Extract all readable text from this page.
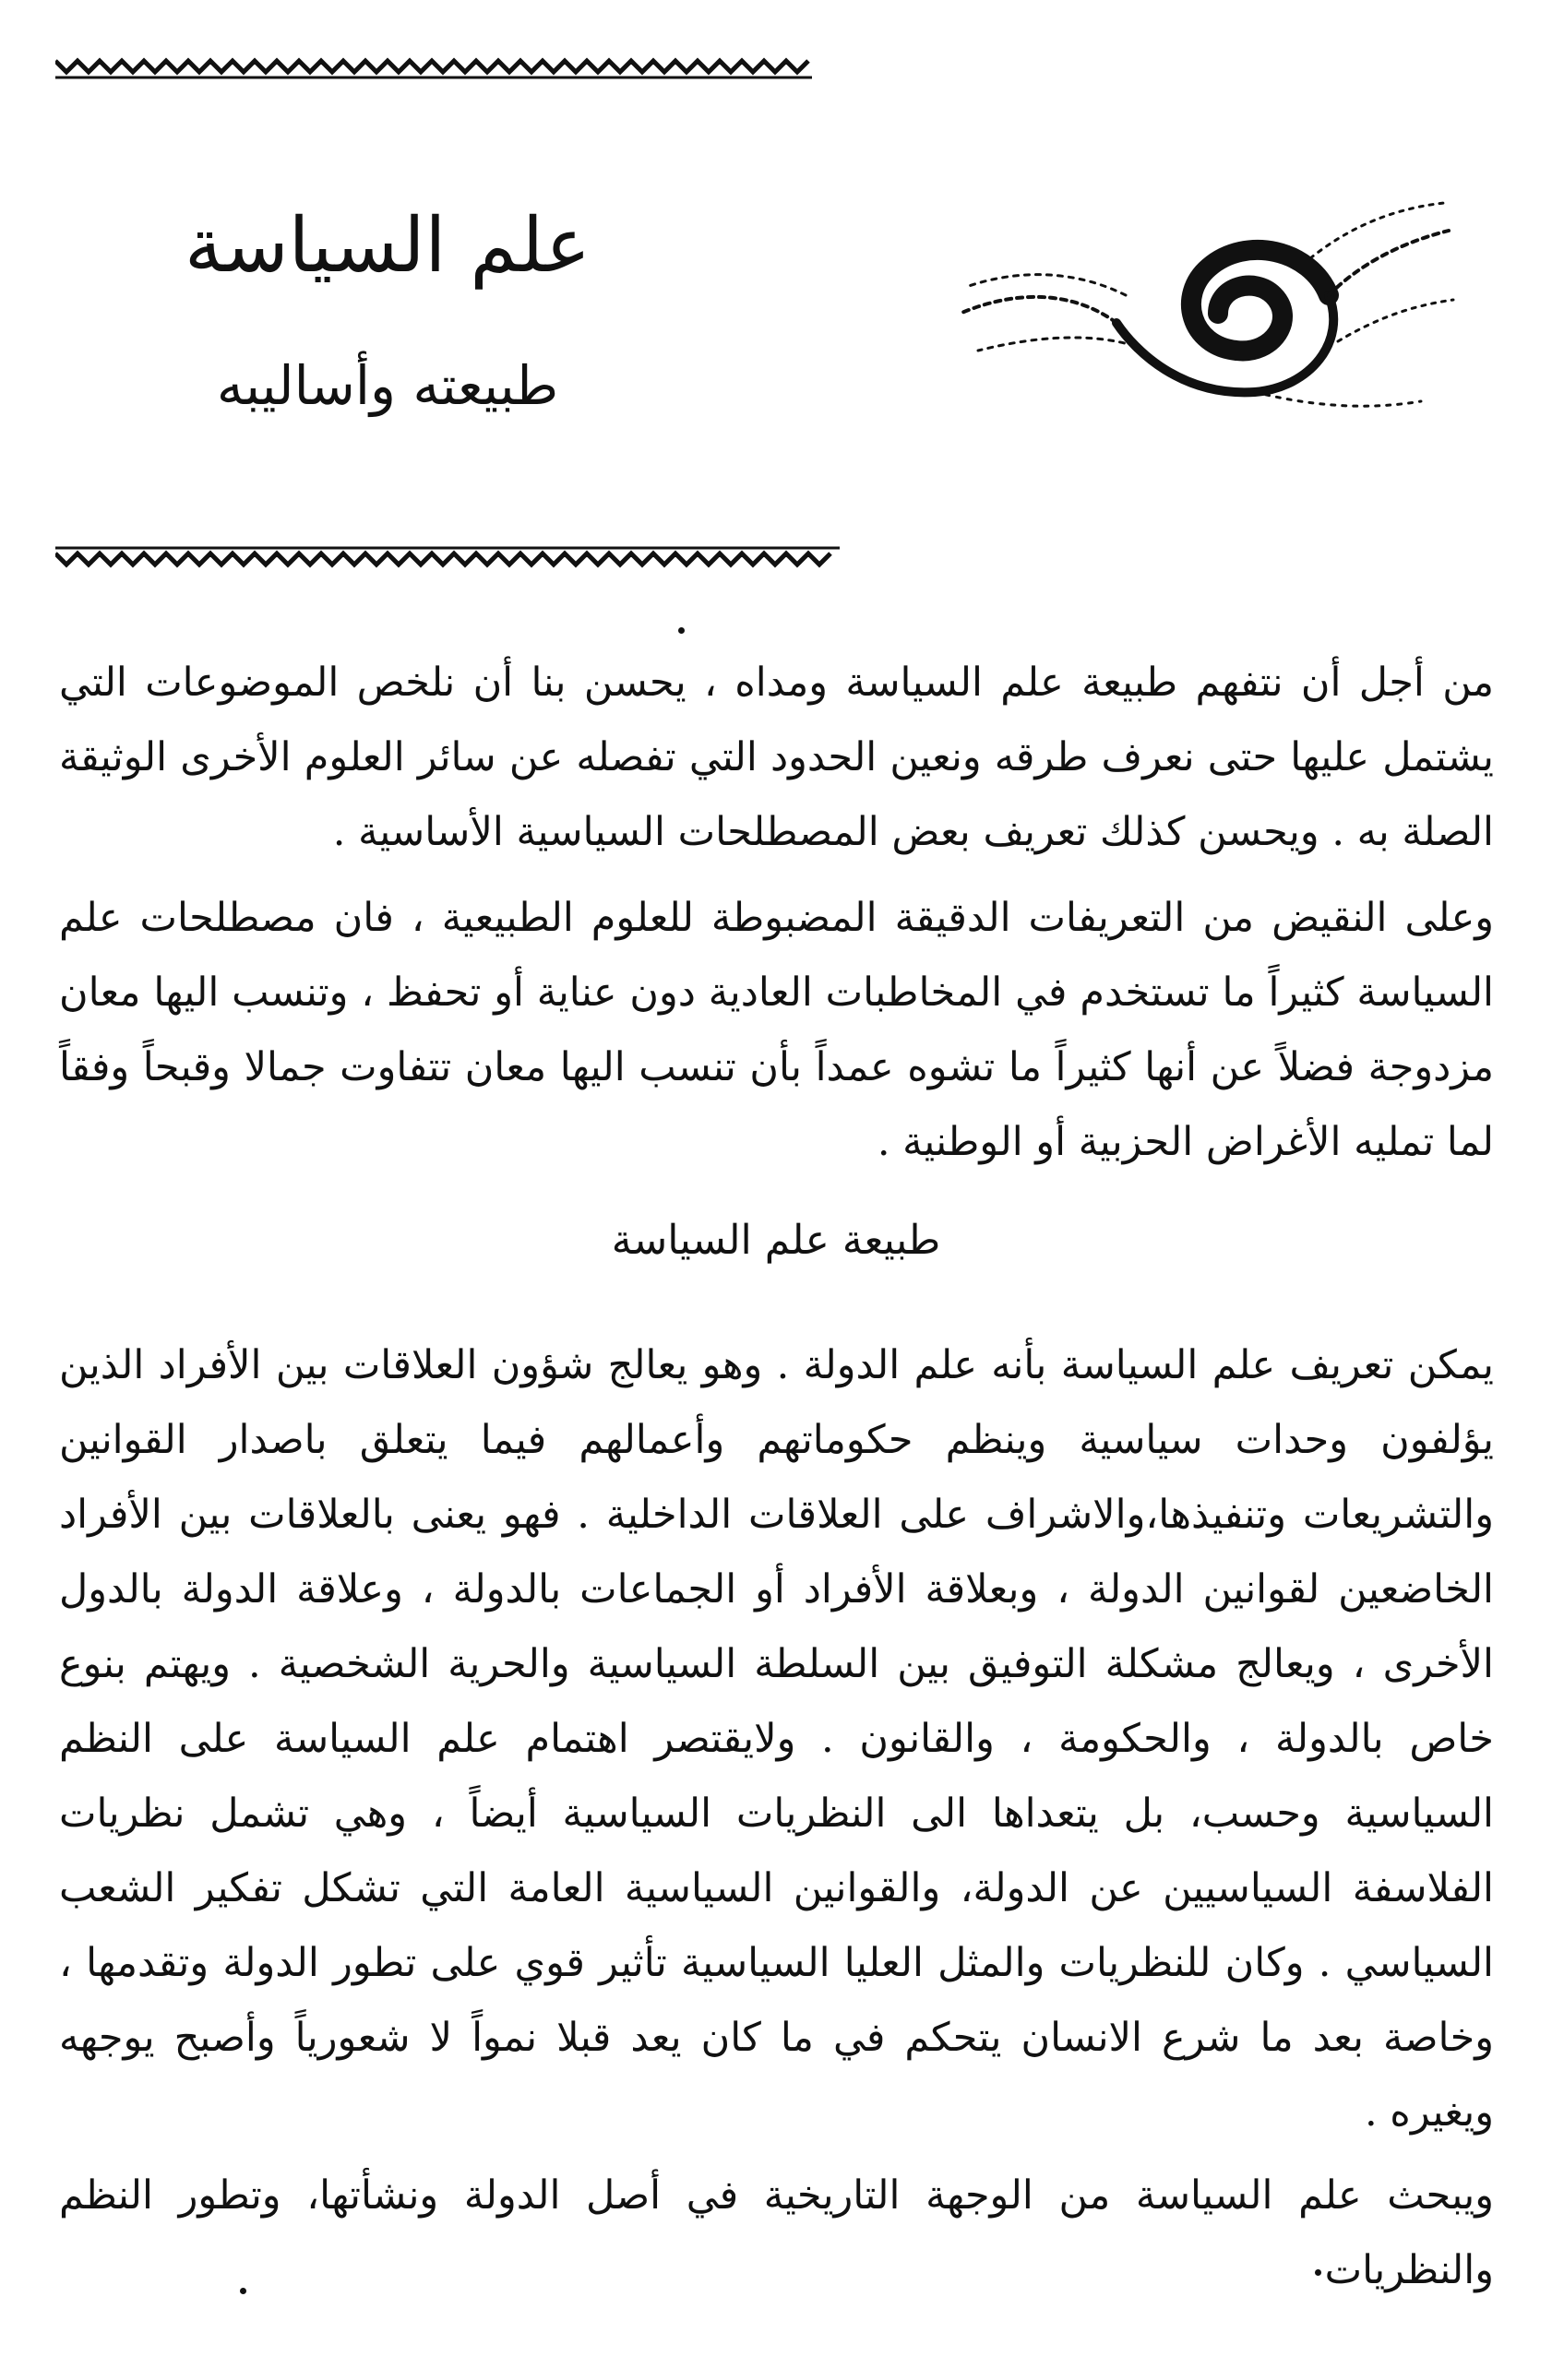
علم السياسة
طبيعته وأساليبه

من أجل أن نتفهم طبيعة علم السياسة ومداه ، يحسن بنا أن نلخص الموضوعات التي يشتمل عليها حتى نعرف طرقه ونعين الحدود التي تفصله عن سائر العلوم الأخرى الوثيقة الصلة به . ويحسن كذلك تعريف بعض المصطلحات السياسية الأساسية .

وعلى النقيض من التعريفات الدقيقة المضبوطة للعلوم الطبيعية ، فان مصطلحات علم السياسة كثيراً ما تستخدم في المخاطبات العادية دون عناية أو تحفظ ، وتنسب اليها معان مزدوجة فضلاً عن أنها كثيراً ما تشوه عمداً بأن تنسب اليها معان تتفاوت جمالا وقبحاً وفقاً لما تمليه الأغراض الحزبية أو الوطنية .

طبيعة علم السياسة

يمكن تعريف علم السياسة بأنه علم الدولة . وهو يعالج شؤون العلاقات بين الأفراد الذين يؤلفون وحدات سياسية وينظم حكوماتهم وأعمالهم فيما يتعلق باصدار القوانين والتشريعات وتنفيذها،والاشراف على العلاقات الداخلية . فهو يعنى بالعلاقات بين الأفراد الخاضعين لقوانين الدولة ، وبعلاقة الأفراد أو الجماعات بالدولة ، وعلاقة الدولة بالدول الأخرى ، ويعالج مشكلة التوفيق بين السلطة السياسية والحرية الشخصية . ويهتم بنوع خاص بالدولة ، والحكومة ، والقانون . ولايقتصر اهتمام علم السياسة على النظم السياسية وحسب، بل يتعداها الى النظريات السياسية أيضاً ، وهي تشمل نظريات الفلاسفة السياسيين عن الدولة، والقوانين السياسية العامة التي تشكل تفكير الشعب السياسي . وكان للنظريات والمثل العليا السياسية تأثير قوي على تطور الدولة وتقدمها ، وخاصة بعد ما شرع الانسان يتحكم في ما كان يعد قبلا نمواً لا شعورياً وأصبح يوجهه ويغيره .

ويبحث علم السياسة من الوجهة التاريخية في أصل الدولة ونشأتها، وتطور النظم والنظريات
